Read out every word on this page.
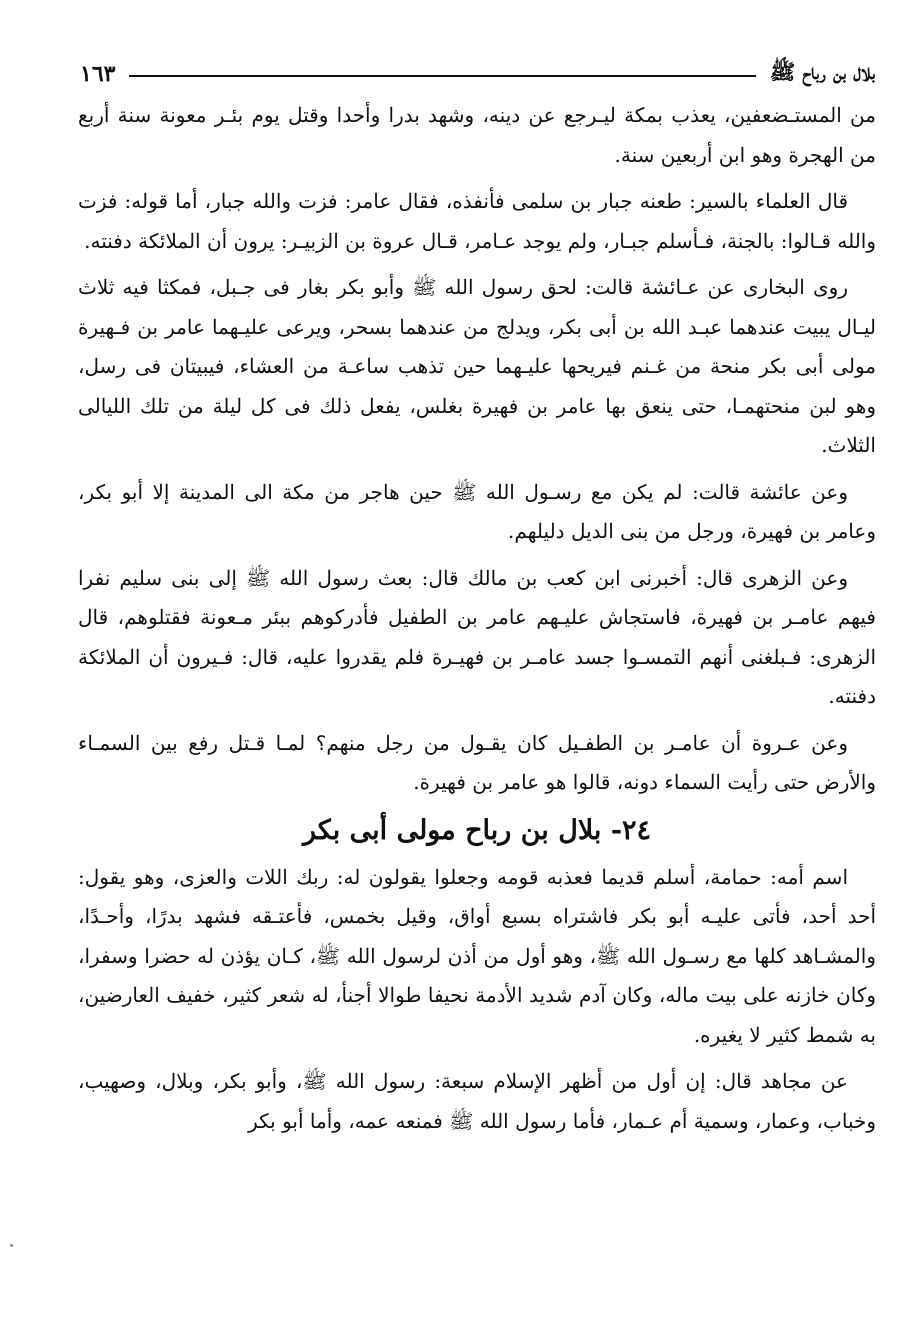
بلال بن رباح ﷺ
١٦٣

من المستـضعفين، يعذب بمكة ليـرجع عن دينه، وشهد بدرا وأحدا وقتل يوم بئـر معونة سنة أربع من الهجرة وهو ابن أربعين سنة.

قال العلماء بالسير: طعنه جبار بن سلمى فأنفذه، فقال عامر: فزت والله جبار، أما قوله: فزت والله قـالوا: بالجنة، فـأسلم جبـار، ولم يوجد عـامر، قـال عروة بن الزبيـر: يرون أن الملائكة دفنته.

روى البخارى عن عـائشة قالت: لحق رسول الله ﷺ وأبو بكر بغار فى جـبل، فمكثا فيه ثلاث ليـال يبيت عندهما عبـد الله بن أبى بكر، ويدلج من عندهما بسحر، ويرعى عليـهما عامر بن فـهيرة مولى أبى بكر منحة من غـنم فيريحها عليـهما حين تذهب ساعـة من العشاء، فيبيتان فى رسل، وهو لبن منحتهمـا، حتى ينعق بها عامر بن فهيرة بغلس، يفعل ذلك فى كل ليلة من تلك الليالى الثلاث.

وعن عائشة قالت: لم يكن مع رسـول الله ﷺ حين هاجر من مكة الى المدينة إلا أبو بكر، وعامر بن فهيرة، ورجل من بنى الديل دليلهم.

وعن الزهرى قال: أخبرنى ابن كعب بن مالك قال: بعث رسول الله ﷺ إلى بنى سليم نفرا فيهم عامـر بن فهيرة، فاستجاش عليـهم عامر بن الطفيل فأدركوهم ببئر مـعونة فقتلوهم، قال الزهرى: فـبلغنى أنهم التمسـوا جسد عامـر بن فهيـرة فلم يقدروا عليه، قال: فـيرون أن الملائكة دفنته.

وعن عـروة أن عامـر بن الطفـيل كان يقـول من رجل منهم؟ لمـا قـتل رفع بين السمـاء والأرض حتى رأيت السماء دونه، قالوا هو عامر بن فهيرة.

٢٤- بلال بن رباح مولى أبى بكر

اسم أمه: حمامة، أسلم قديما فعذبه قومه وجعلوا يقولون له: ربك اللات والعزى، وهو يقول: أحد أحد، فأتى عليـه أبو بكر فاشتراه بسبع أواق، وقيل بخمس، فأعتـقه فشهد بدرًا، وأحـدًا، والمشـاهد كلها مع رسـول الله ﷺ، وهو أول من أذن لرسول الله ﷺ، كـان يؤذن له حضرا وسفرا، وكان خازنه على بيت ماله، وكان آدم شديد الأدمة نحيفا طوالا أجنأ، له شعر كثير، خفيف العارضين، به شمط كثير لا يغيره.

عن مجاهد قال: إن أول من أظهر الإسلام سبعة: رسول الله ﷺ، وأبو بكر، وبلال، وصهيب، وخباب، وعمار، وسمية أم عـمار، فأما رسول الله ﷺ فمنعه عمه، وأما أبو بكر
